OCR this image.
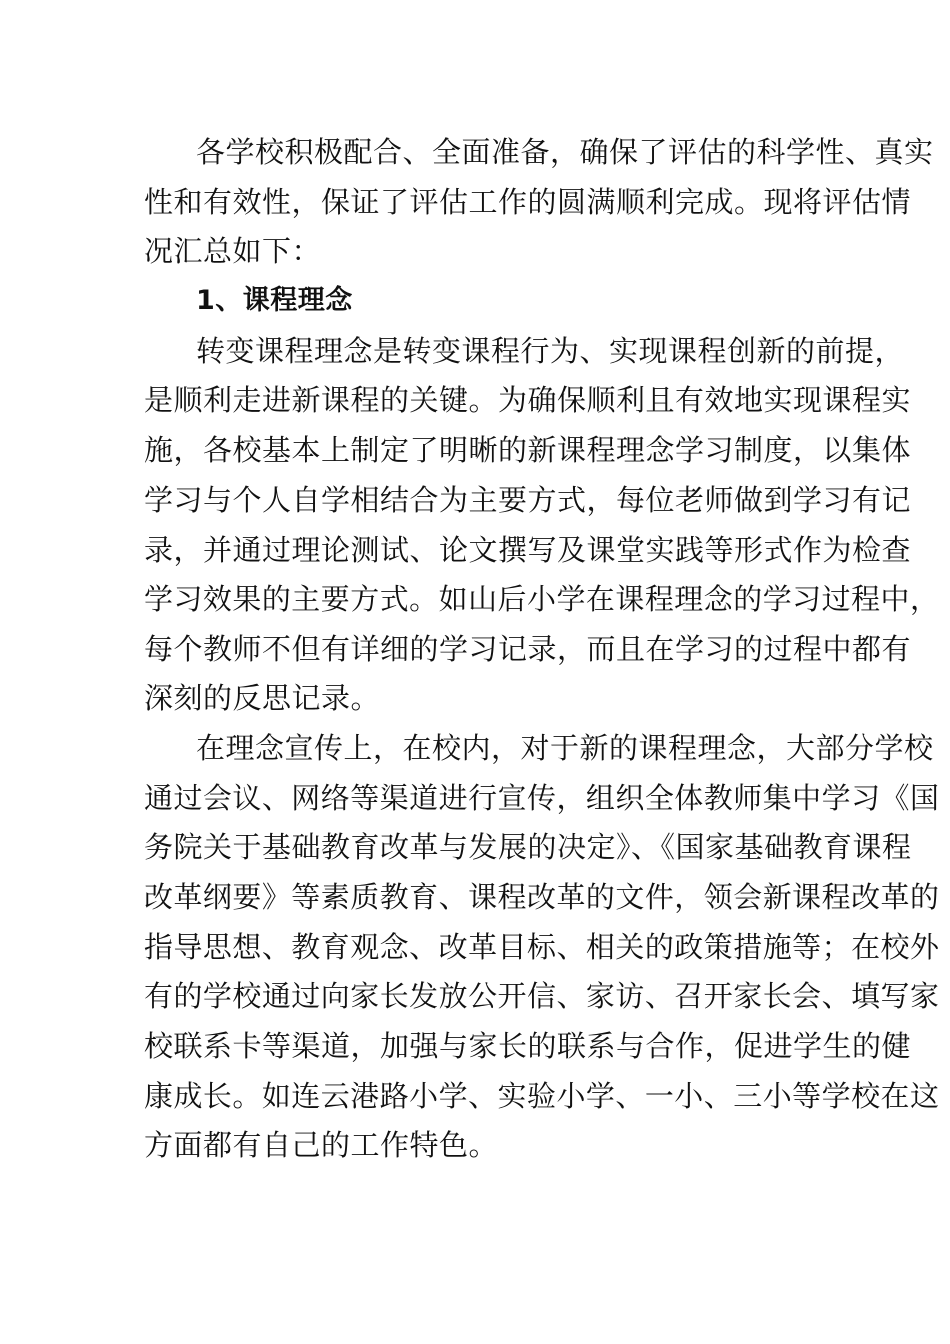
各学校积极配合、全面准备，确保了评估的科学性、真实
性和有效性，保证了评估工作的圆满顺利完成。现将评估情
况汇总如下：
1、课程理念
转变课程理念是转变课程行为、实现课程创新的前提，
是顺利走进新课程的关键。为确保顺利且有效地实现课程实
施，各校基本上制定了明晰的新课程理念学习制度，以集体
学习与个人自学相结合为主要方式，每位老师做到学习有记
录，并通过理论测试、论文撰写及课堂实践等形式作为检查
学习效果的主要方式。如山后小学在课程理念的学习过程中，
每个教师不但有详细的学习记录，而且在学习的过程中都有
深刻的反思记录。
在理念宣传上，在校内，对于新的课程理念，大部分学校
通过会议、网络等渠道进行宣传，组织全体教师集中学习《国
务院关于基础教育改革与发展的决定》、《国家基础教育课程
改革纲要》等素质教育、课程改革的文件，领会新课程改革的
指导思想、教育观念、改革目标、相关的政策措施等；在校外
有的学校通过向家长发放公开信、家访、召开家长会、填写家
校联系卡等渠道，加强与家长的联系与合作，促进学生的健
康成长。如连云港路小学、实验小学、一小、三小等学校在这
方面都有自己的工作特色。
